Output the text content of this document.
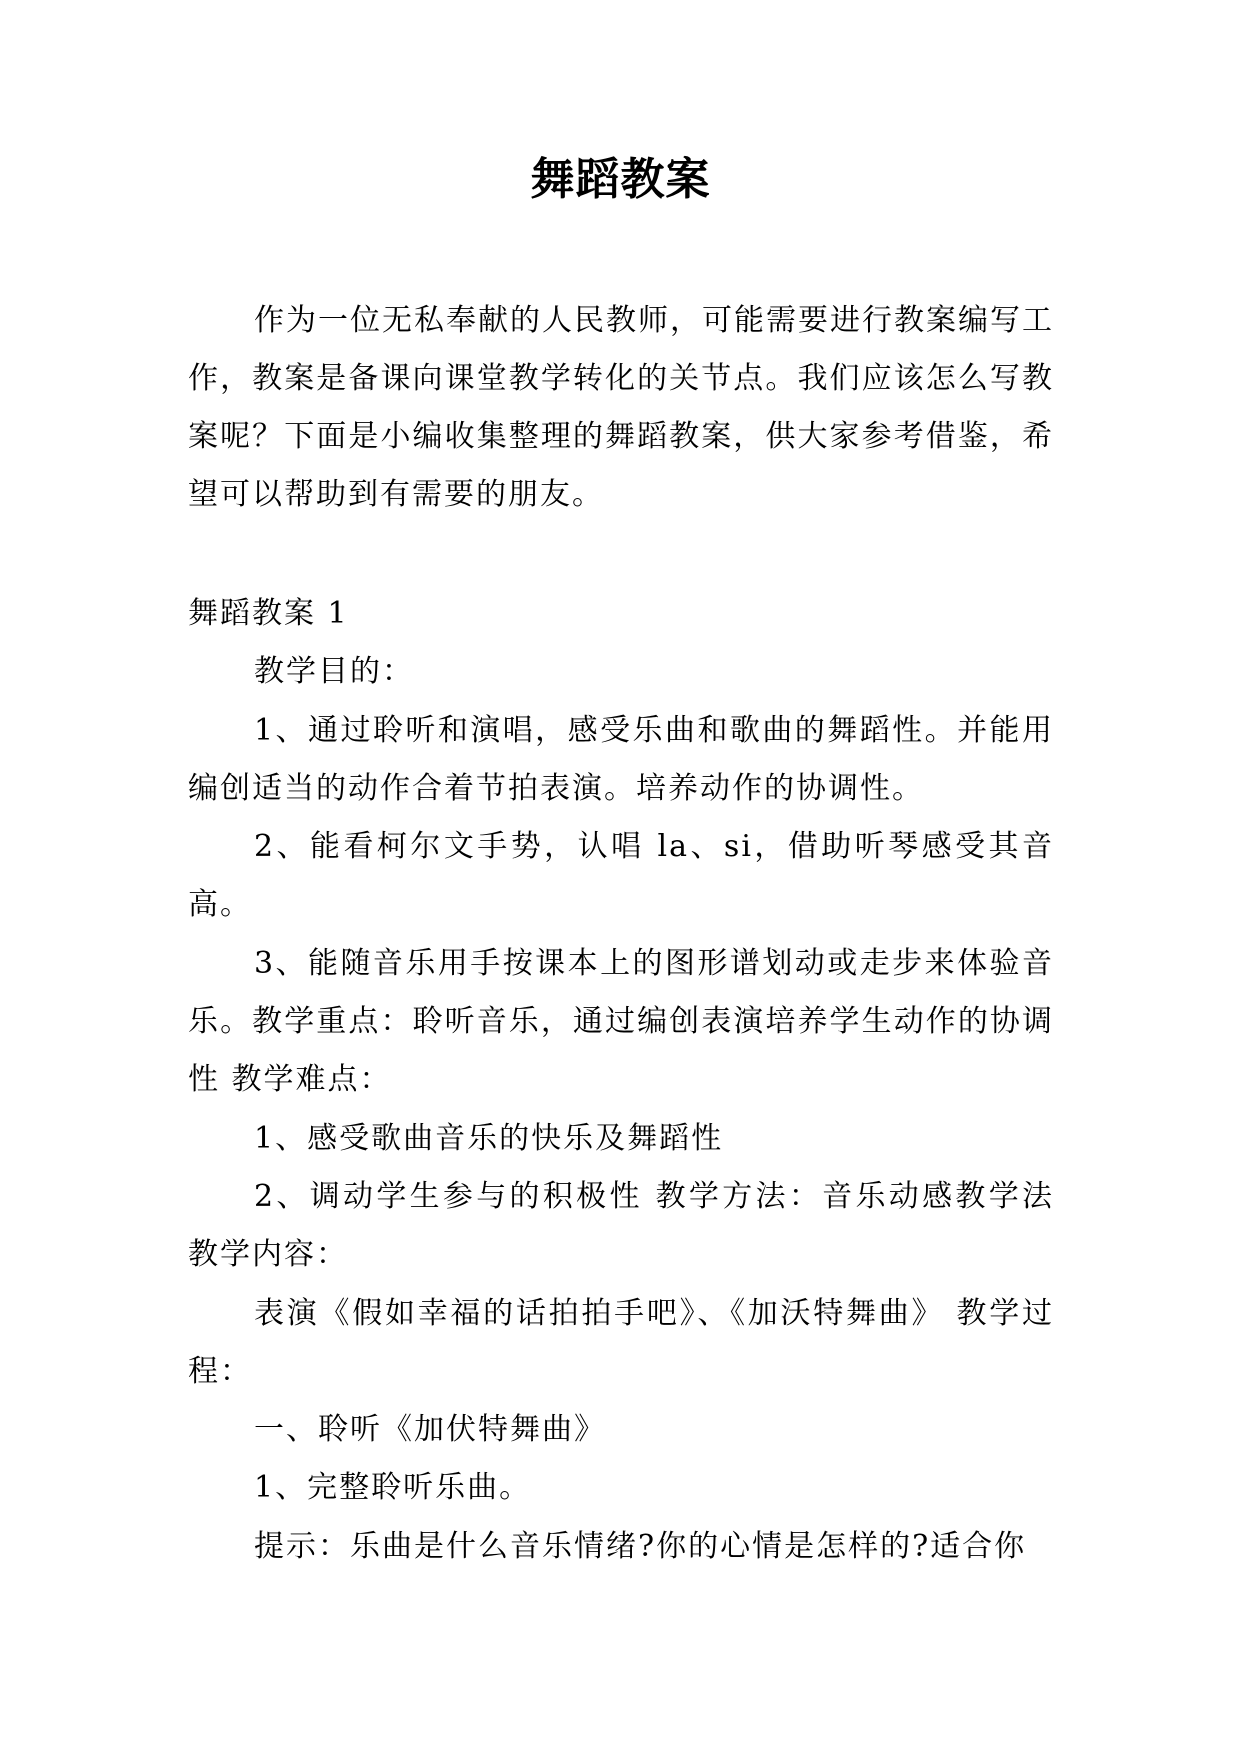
舞蹈教案

作为一位无私奉献的人民教师，可能需要进行教案编写工作，教案是备课向课堂教学转化的关节点。我们应该怎么写教案呢？下面是小编收集整理的舞蹈教案，供大家参考借鉴，希望可以帮助到有需要的朋友。

舞蹈教案 1

教学目的：

1、通过聆听和演唱，感受乐曲和歌曲的舞蹈性。并能用编创适当的动作合着节拍表演。培养动作的协调性。

2、能看柯尔文手势，认唱 la、si，借助听琴感受其音高。

3、能随音乐用手按课本上的图形谱划动或走步来体验音乐。教学重点：聆听音乐，通过编创表演培养学生动作的协调性 教学难点：

1、感受歌曲音乐的快乐及舞蹈性

2、调动学生参与的积极性 教学方法：音乐动感教学法 教学内容：

表演《假如幸福的话拍拍手吧》、《加沃特舞曲》 教学过程：

一、聆听《加伏特舞曲》

1、完整聆听乐曲。

提示：乐曲是什么音乐情绪?你的心情是怎样的?适合你
